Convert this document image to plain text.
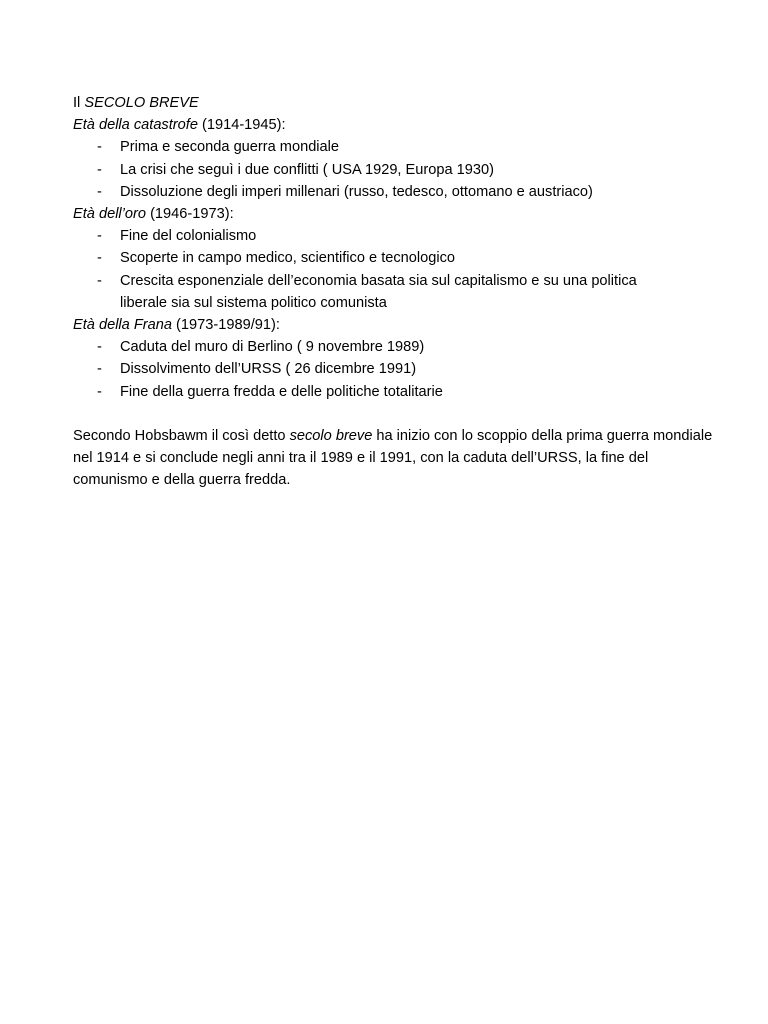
Il SECOLO BREVE

Età della catastrofe (1914-1945):

- Prima e seconda guerra mondiale
- La crisi che seguì i due conflitti ( USA 1929, Europa 1930)
- Dissoluzione degli imperi millenari (russo, tedesco, ottomano e austriaco)

Età dell’oro (1946-1973):

- Fine del colonialismo
- Scoperte in campo medico, scientifico e tecnologico
- Crescita esponenziale dell’economia basata sia sul capitalismo e su una politica liberale sia sul sistema politico comunista

Età della Frana (1973-1989/91):

- Caduta del muro di Berlino ( 9 novembre 1989)
- Dissolvimento dell’URSS ( 26 dicembre 1991)
- Fine della guerra fredda e delle politiche totalitarie

Secondo Hobsbawm il così detto secolo breve ha inizio con lo scoppio della prima guerra mondiale nel 1914 e si conclude negli anni tra il 1989 e il 1991, con la caduta dell’URSS, la fine del comunismo e della guerra fredda.
